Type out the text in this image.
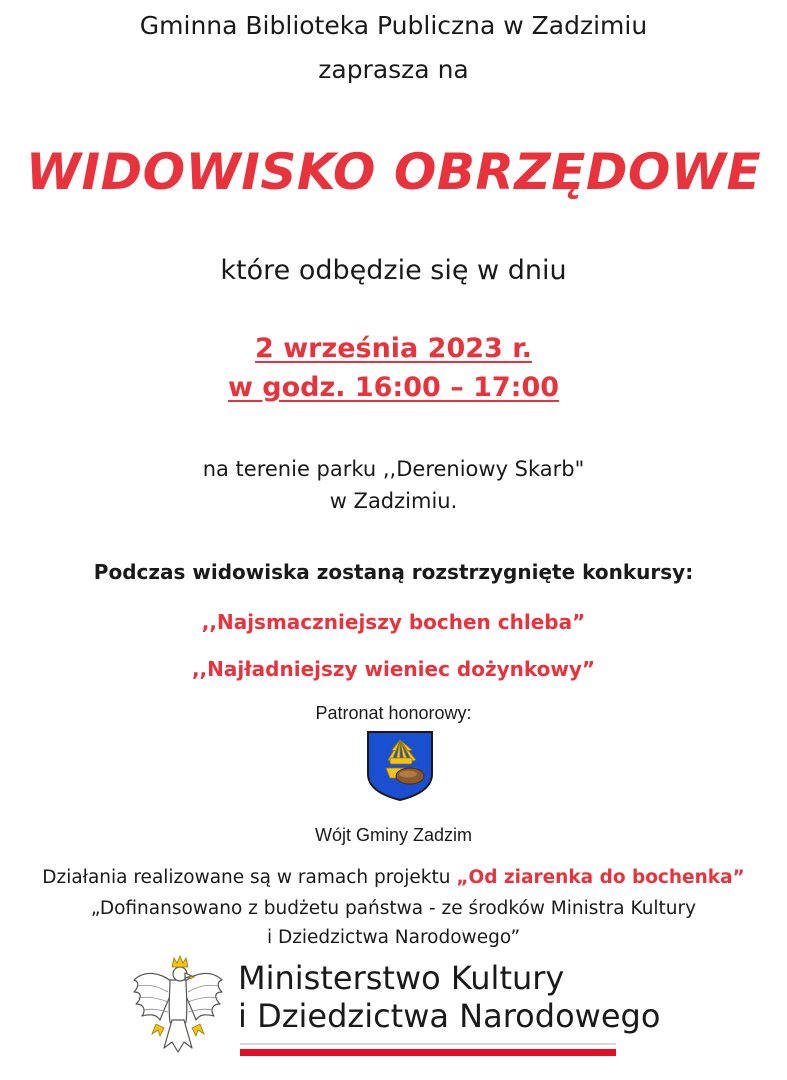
Gminna Biblioteka Publiczna w Zadzimiu

zaprasza na

WIDOWISKO OBRZĘDOWE

które odbędzie się w dniu

2 września 2023 r.

w godz. 16:00 – 17:00

na terenie parku ,,Dereniowy Skarb"

w Zadzimiu.

Podczas widowiska zostaną rozstrzygnięte konkursy:

,,Najsmaczniejszy bochen chleba”

,,Najładniejszy wieniec dożynkowy”

Patronat honorowy:

Wójt Gminy Zadzim

Działania realizowane są w ramach projektu „Od ziarenka do bochenka”

„Dofinansowano z budżetu państwa - ze środków Ministra Kultury

i Dziedzictwa Narodowego”

Ministerstwo Kultury
i Dziedzictwa Narodowego
